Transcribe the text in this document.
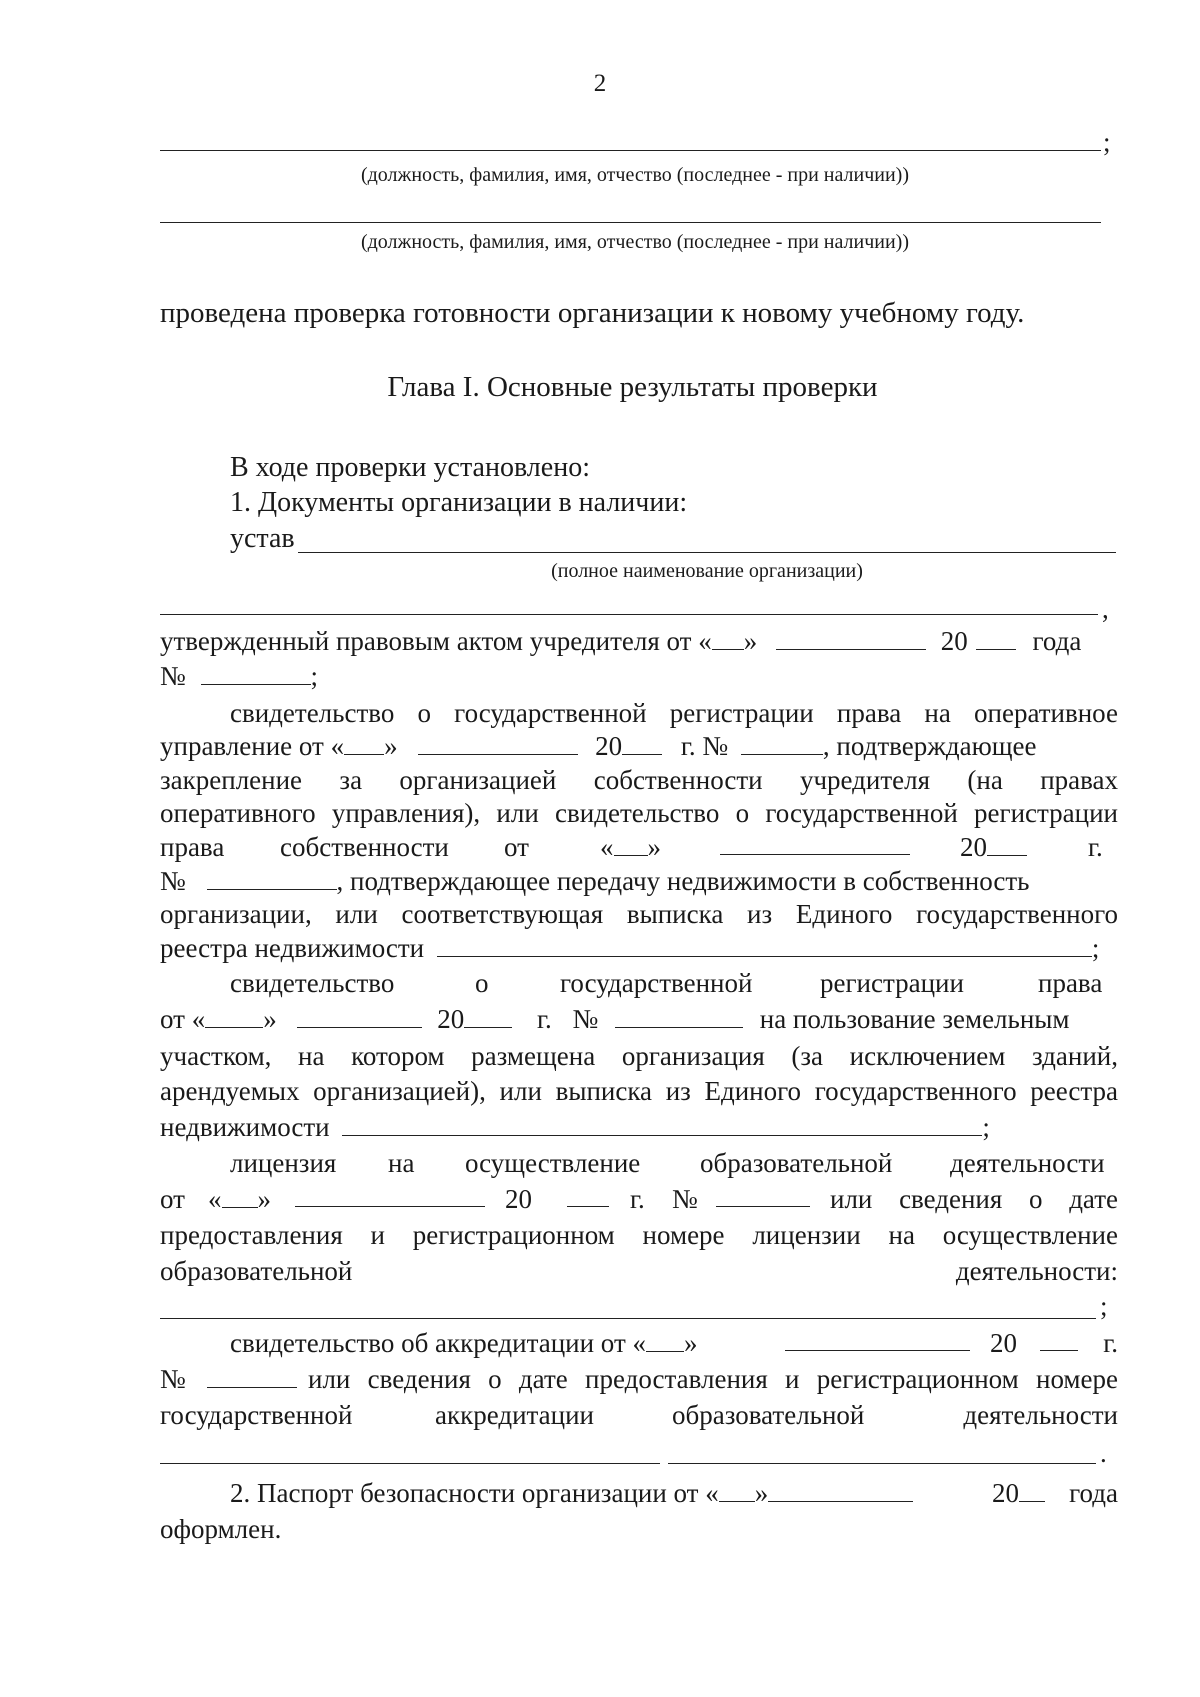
2
;
(должность, фамилия, имя, отчество (последнее - при наличии))
(должность, фамилия, имя, отчество (последнее - при наличии))
проведена проверка готовности организации к новому учебному году.
Глава I. Основные результаты проверки
В ходе проверки установлено:
1. Документы организации в наличии:
устав
(полное наименование организации)
,
утвержденный правовым актом учредителя от « »	20 года
№	;
свидетельство о государственной регистрации права на оперативное
управление от « »	20 г. №	, подтверждающее
закрепление за организацией собственности учредителя (на правах
оперативного управления), или свидетельство о государственной регистрации
права собственности от	« »	20	г.
№	, подтверждающее передачу недвижимости в собственность
организации, или соответствующая выписка из Единого государственного
реестра недвижимости	;
свидетельство	о	государственной	регистрации	права
от « »	20	г. №	на пользование земельным
участком, на котором размещена организация (за исключением зданий,
арендуемых организацией), или выписка из Единого государственного реестра
недвижимости	;
лицензия на осуществление образовательной деятельности
от « »	20	г. №	или сведения о дате
предоставления и регистрационном номере лицензии на осуществление
образовательной	деятельности:
;
свидетельство об аккредитации от « »	20	г.
№	или сведения о дате предоставления и регистрационном номере
государственной	аккредитации	образовательной	деятельности
.
2. Паспорт безопасности организации от « »	20	года
оформлен.
